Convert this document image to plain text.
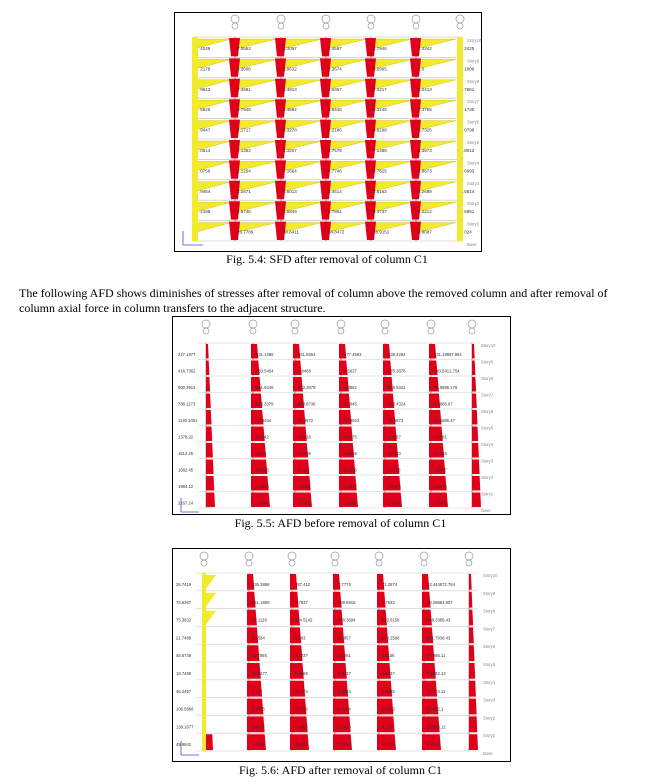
Story10
Story9
Story8
Story7
Story6
Story5
Story4
Story3
Story2
Story1
Base
.4249
.2178
.9613
.5625
.9447
.0614
.0756
.9464
.2188
7.0553
6.3606
2.4681
9.7948
2.1717
3.1353
2.1254
3.2871
2.5746
26.7789
3.3057
3.9632
4.4813
1.4682
6.3278
1.3207
7.1664
5.6013
1.6849
30.6411
1.4597
1.2674
4.6367
5.6448
7.2186
4.7578
4.7746
5.4614
4.7851
34.8472
1.7946
3.0995
2.0217
3.3245
9.6198
7.1488
6.7625
2.8162
8.4737
28.9151
7.4342
2.0
5.0413
7.4755
5.7325
5.3873
4.8873
5.2689
1.2212
8.8087
.2425
.1006
.7661
.1735
.0798
.8012
.6993
.5814
.5951
.024
Fig. 5.4: SFD after removal of column C1
The following AFD shows diminishes of stresses after removal of column above the removed column and after removal of column axial force in column transfers to the adjacent structure.
Story10
Story9
Story8
Story7
Story6
Story5
Story4
Story3
Story2
Story1
Base
227.1977
416.7362
600.3914
788.1173
1140.1051
1378.22
1512.25
1682.45
1964.12
2167.14
231.1386
483.5464
841.9246
983.3379
17.3434
3.1342
1.123
3.6643
4.3560
2.5643
261.9364
4.9468
583.3878
483.8736
87.3872
4.2318
1.2899
5.126
4.2114
7.1478
277.4583
2.5637
1.3862
2.7845
37.8923
3.6275
1.5656
2.1625
4.3547
3.1263
238.4294
178.3878
878.9341
873.4324
23.5873
3.3687
3.5543
1.1128
2.5619
1.4928
231.1988T.954
143.5412.754
70.5898.176
7.3886.67
33.1886.47
1.3281
2.1846
3.2457
2.2634
1.3456
Fig. 5.5: AFD before removal of column C1
Story10
Story9
Story8
Story7
Story6
Story5
Story4
Story3
Story2
Story1
Base
26.7419
75.6367
75.3632
21.7488
48.6749
18.7486
46.2457
106.5866
138.1677
45.9842
236.3856
841.1959
17.1129
2.7584
11.7565
18.6277
3.117
3.1775
2.6677
7.3468
387.412
7.7837
234.5142
3.363
3.1237
6.3866
2.6774
7.2175
3.7888
2.3452
7.7773
469.8918
489.3694
4.8857
1.7251
3.4437
2.4324
5.3264
3.1264
3.3456
71.2874
1.7642
882.6158
978.2568
1.1156
3.3237
5.6485
9.8123
3.716
3.4743
33.444872.764
53.29883.807
948.3388.43
941.7938.43
7.7986.11
7.8882.13
1.2274.11
2.7662.1
2.7868.12
1.8645
Fig. 5.6: AFD after removal of column C1
